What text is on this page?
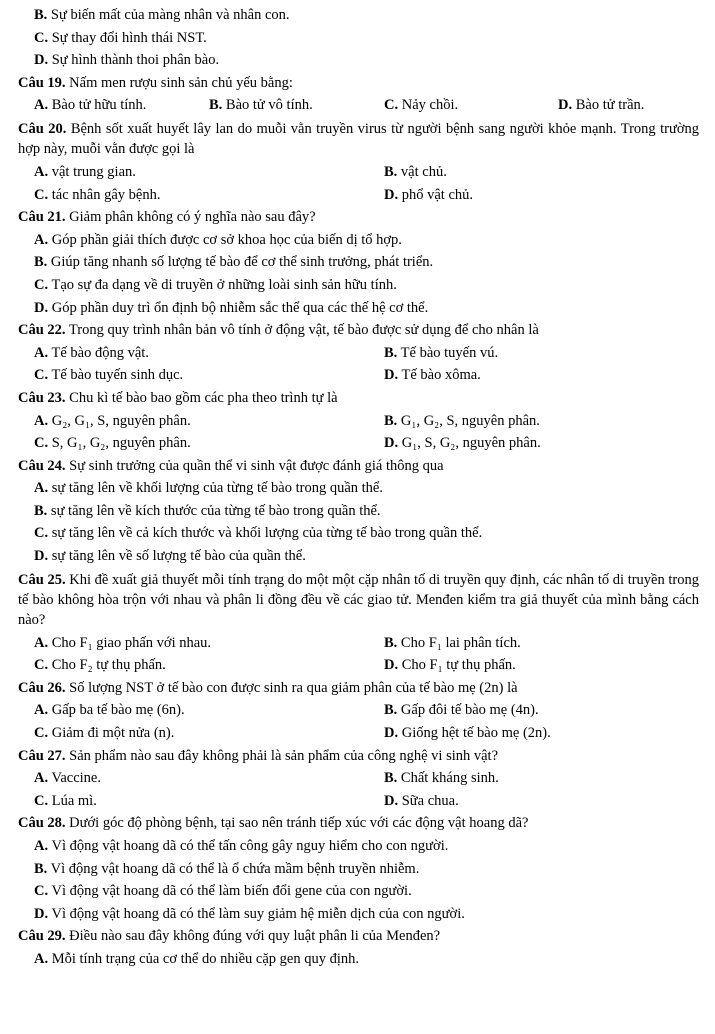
B. Sự biến mất của màng nhân và nhân con.
C. Sự thay đổi hình thái NST.
D. Sự hình thành thoi phân bào.
Câu 19. Nấm men rượu sinh sản chủ yếu bằng:
A. Bào tử hữu tính.	B. Bào tử vô tính.	C. Nảy chồi.	D. Bào tử trần.
Câu 20. Bệnh sốt xuất huyết lây lan do muỗi vằn truyền virus từ người bệnh sang người khỏe mạnh. Trong trường hợp này, muỗi vằn được gọi là
A. vật trung gian.	B. vật chủ.
C. tác nhân gây bệnh.	D. phổ vật chủ.
Câu 21. Giảm phân không có ý nghĩa nào sau đây?
A. Góp phần giải thích được cơ sở khoa học của biến dị tổ hợp.
B. Giúp tăng nhanh số lượng tế bào để cơ thể sinh trưởng, phát triển.
C. Tạo sự đa dạng về di truyền ở những loài sinh sản hữu tính.
D. Góp phần duy trì ổn định bộ nhiễm sắc thể qua các thế hệ cơ thể.
Câu 22. Trong quy trình nhân bản vô tính ở động vật, tế bào được sử dụng để cho nhân là
A. Tế bào động vật.	B. Tế bào tuyến vú.
C. Tế bào tuyến sinh dục.	D. Tế bào xôma.
Câu 23. Chu kì tế bào bao gồm các pha theo trình tự là
A. G₂, G₁, S, nguyên phân.	B. G₁, G₂, S, nguyên phân.
C. S, G₁, G₂, nguyên phân.	D. G₁, S, G₂, nguyên phân.
Câu 24. Sự sinh trưởng của quần thể vi sinh vật được đánh giá thông qua
A. sự tăng lên về khối lượng của từng tế bào trong quần thể.
B. sự tăng lên về kích thước của từng tế bào trong quần thể.
C. sự tăng lên về cả kích thước và khối lượng của từng tế bào trong quần thể.
D. sự tăng lên về số lượng tế bào của quần thể.
Câu 25. Khi đề xuất giả thuyết mỗi tính trạng do một một cặp nhân tố di truyền quy định, các nhân tố di truyền trong tế bào không hòa trộn với nhau và phân li đồng đều về các giao tử. Menđen kiểm tra giả thuyết của mình bằng cách nào?
A. Cho F₁ giao phấn với nhau.	B. Cho F₁ lai phân tích.
C. Cho F₂ tự thụ phấn.	D. Cho F₁ tự thụ phấn.
Câu 26. Số lượng NST ở tế bào con được sinh ra qua giảm phân của tế bào mẹ (2n) là
A. Gấp ba tế bào mẹ (6n).	B. Gấp đôi tế bào mẹ (4n).
C. Giảm đi một nửa (n).	D. Giống hệt tế bào mẹ (2n).
Câu 27. Sản phẩm nào sau đây không phải là sản phẩm của công nghệ vi sinh vật?
A. Vaccine.	B. Chất kháng sinh.
C. Lúa mì.	D. Sữa chua.
Câu 28. Dưới góc độ phòng bệnh, tại sao nên tránh tiếp xúc với các động vật hoang dã?
A. Vì động vật hoang dã có thể tấn công gây nguy hiểm cho con người.
B. Vì động vật hoang dã có thể là ổ chứa mầm bệnh truyền nhiễm.
C. Vì động vật hoang dã có thể làm biến đổi gene của con người.
D. Vì động vật hoang dã có thể làm suy giảm hệ miễn dịch của con người.
Câu 29. Điều nào sau đây không đúng với quy luật phân li của Menđen?
A. Mỗi tính trạng của cơ thể do nhiều cặp gen quy định.
